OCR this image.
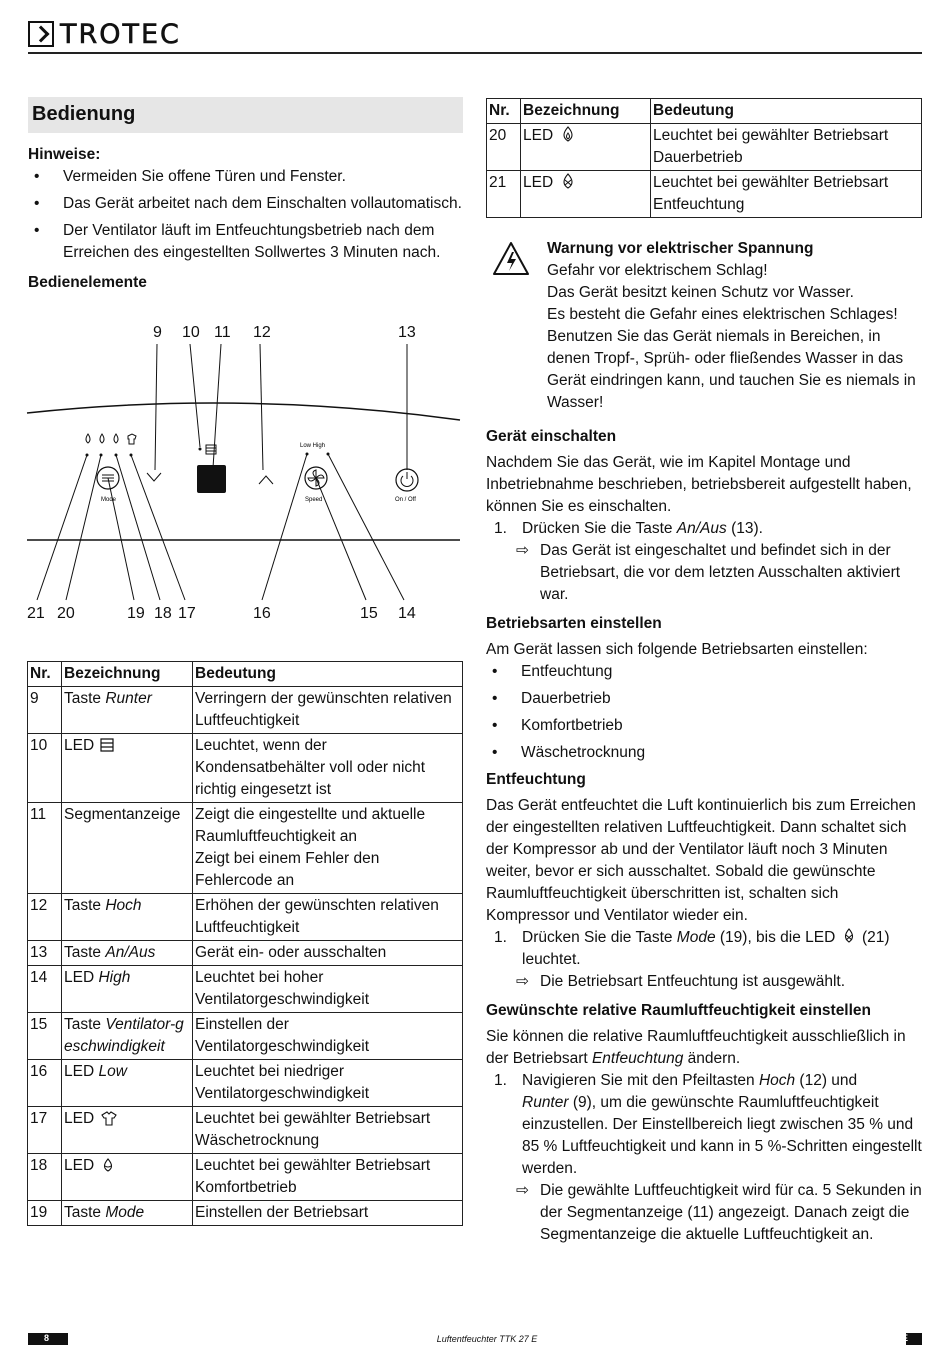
TROTEC
Bedienung
Hinweise:
• Vermeiden Sie offene Türen und Fenster.
• Das Gerät arbeitet nach dem Einschalten vollautomatisch.
• Der Ventilator läuft im Entfeuchtungsbetrieb nach dem Erreichen des eingestellten Sollwertes 3 Minuten nach.
Bedienelemente
9 10 11 12	13
21 20	19 18 17	16	15 14
Mode
Low High
Speed	On / Off
Nr.	Bezeichnung	Bedeutung
9	Taste Runter	Verringern der gewünschten relativen Luftfeuchtigkeit
10	LED	Leuchtet, wenn der Kondensatbehälter voll oder nicht richtig eingesetzt ist
11	Segmentanzeige	Zeigt die eingestellte und aktuelle Raumluftfeuchtigkeit an
Zeigt bei einem Fehler den Fehlercode an

12	Taste Hoch	Erhöhen der gewünschten relativen Luftfeuchtigkeit
13	Taste An/Aus	Gerät ein- oder ausschalten
14	LED High	Leuchtet bei hoher Ventilatorgeschwindigkeit
15	Taste Ventilator-geschwindigkeit	Einstellen der Ventilatorgeschwindigkeit
16	LED Low	Leuchtet bei niedriger Ventilatorgeschwindigkeit
17	LED	Leuchtet bei gewählter Betriebsart Wäschetrocknung
18	LED	Leuchtet bei gewählter Betriebsart Komfortbetrieb
19	Taste Mode	Einstellen der Betriebsart
Nr.	Bezeichnung	Bedeutung
20	LED	Leuchtet bei gewählter Betriebsart Dauerbetrieb
21	LED	Leuchtet bei gewählter Betriebsart Entfeuchtung
Warnung vor elektrischer Spannung
Gefahr vor elektrischem Schlag!
Das Gerät besitzt keinen Schutz vor Wasser.
Es besteht die Gefahr eines elektrischen Schlages!
Benutzen Sie das Gerät niemals in Bereichen, in denen Tropf-, Sprüh- oder fließendes Wasser in das Gerät eindringen kann, und tauchen Sie es niemals in Wasser!
Gerät einschalten
Nachdem Sie das Gerät, wie im Kapitel Montage und Inbetriebnahme beschrieben, betriebsbereit aufgestellt haben, können Sie es einschalten.
1. Drücken Sie die Taste An/Aus (13).
⇨ Das Gerät ist eingeschaltet und befindet sich in der Betriebsart, die vor dem letzten Ausschalten aktiviert war.
Betriebsarten einstellen
Am Gerät lassen sich folgende Betriebsarten einstellen:
• Entfeuchtung
• Dauerbetrieb
• Komfortbetrieb
• Wäschetrocknung
Entfeuchtung
Das Gerät entfeuchtet die Luft kontinuierlich bis zum Erreichen der eingestellten relativen Luftfeuchtigkeit. Dann schaltet sich der Kompressor ab und der Ventilator läuft noch 3 Minuten weiter, bevor er sich ausschaltet. Sobald die gewünschte Raumluftfeuchtigkeit überschritten ist, schalten sich Kompressor und Ventilator wieder ein.
1. Drücken Sie die Taste Mode (19), bis die LED  (21)
leuchtet.
⇨ Die Betriebsart Entfeuchtung ist ausgewählt.
Gewünschte relative Raumluftfeuchtigkeit einstellen
Sie können die relative Raumluftfeuchtigkeit ausschließlich in der Betriebsart Entfeuchtung ändern.
1. Navigieren Sie mit den Pfeiltasten Hoch (12) und
Runter (9), um die gewünschte Raumluftfeuchtigkeit einzustellen. Der Einstellbereich liegt zwischen 35 % und 85 % Luftfeuchtigkeit und kann in 5 %-Schritten eingestellt werden.
⇨ Die gewählte Luftfeuchtigkeit wird für ca. 5 Sekunden in der Segmentanzeige (11) angezeigt. Danach zeigt die Segmentanzeige die aktuelle Luftfeuchtigkeit an.
8	Luftentfeuchter TTK 27 E	DE
